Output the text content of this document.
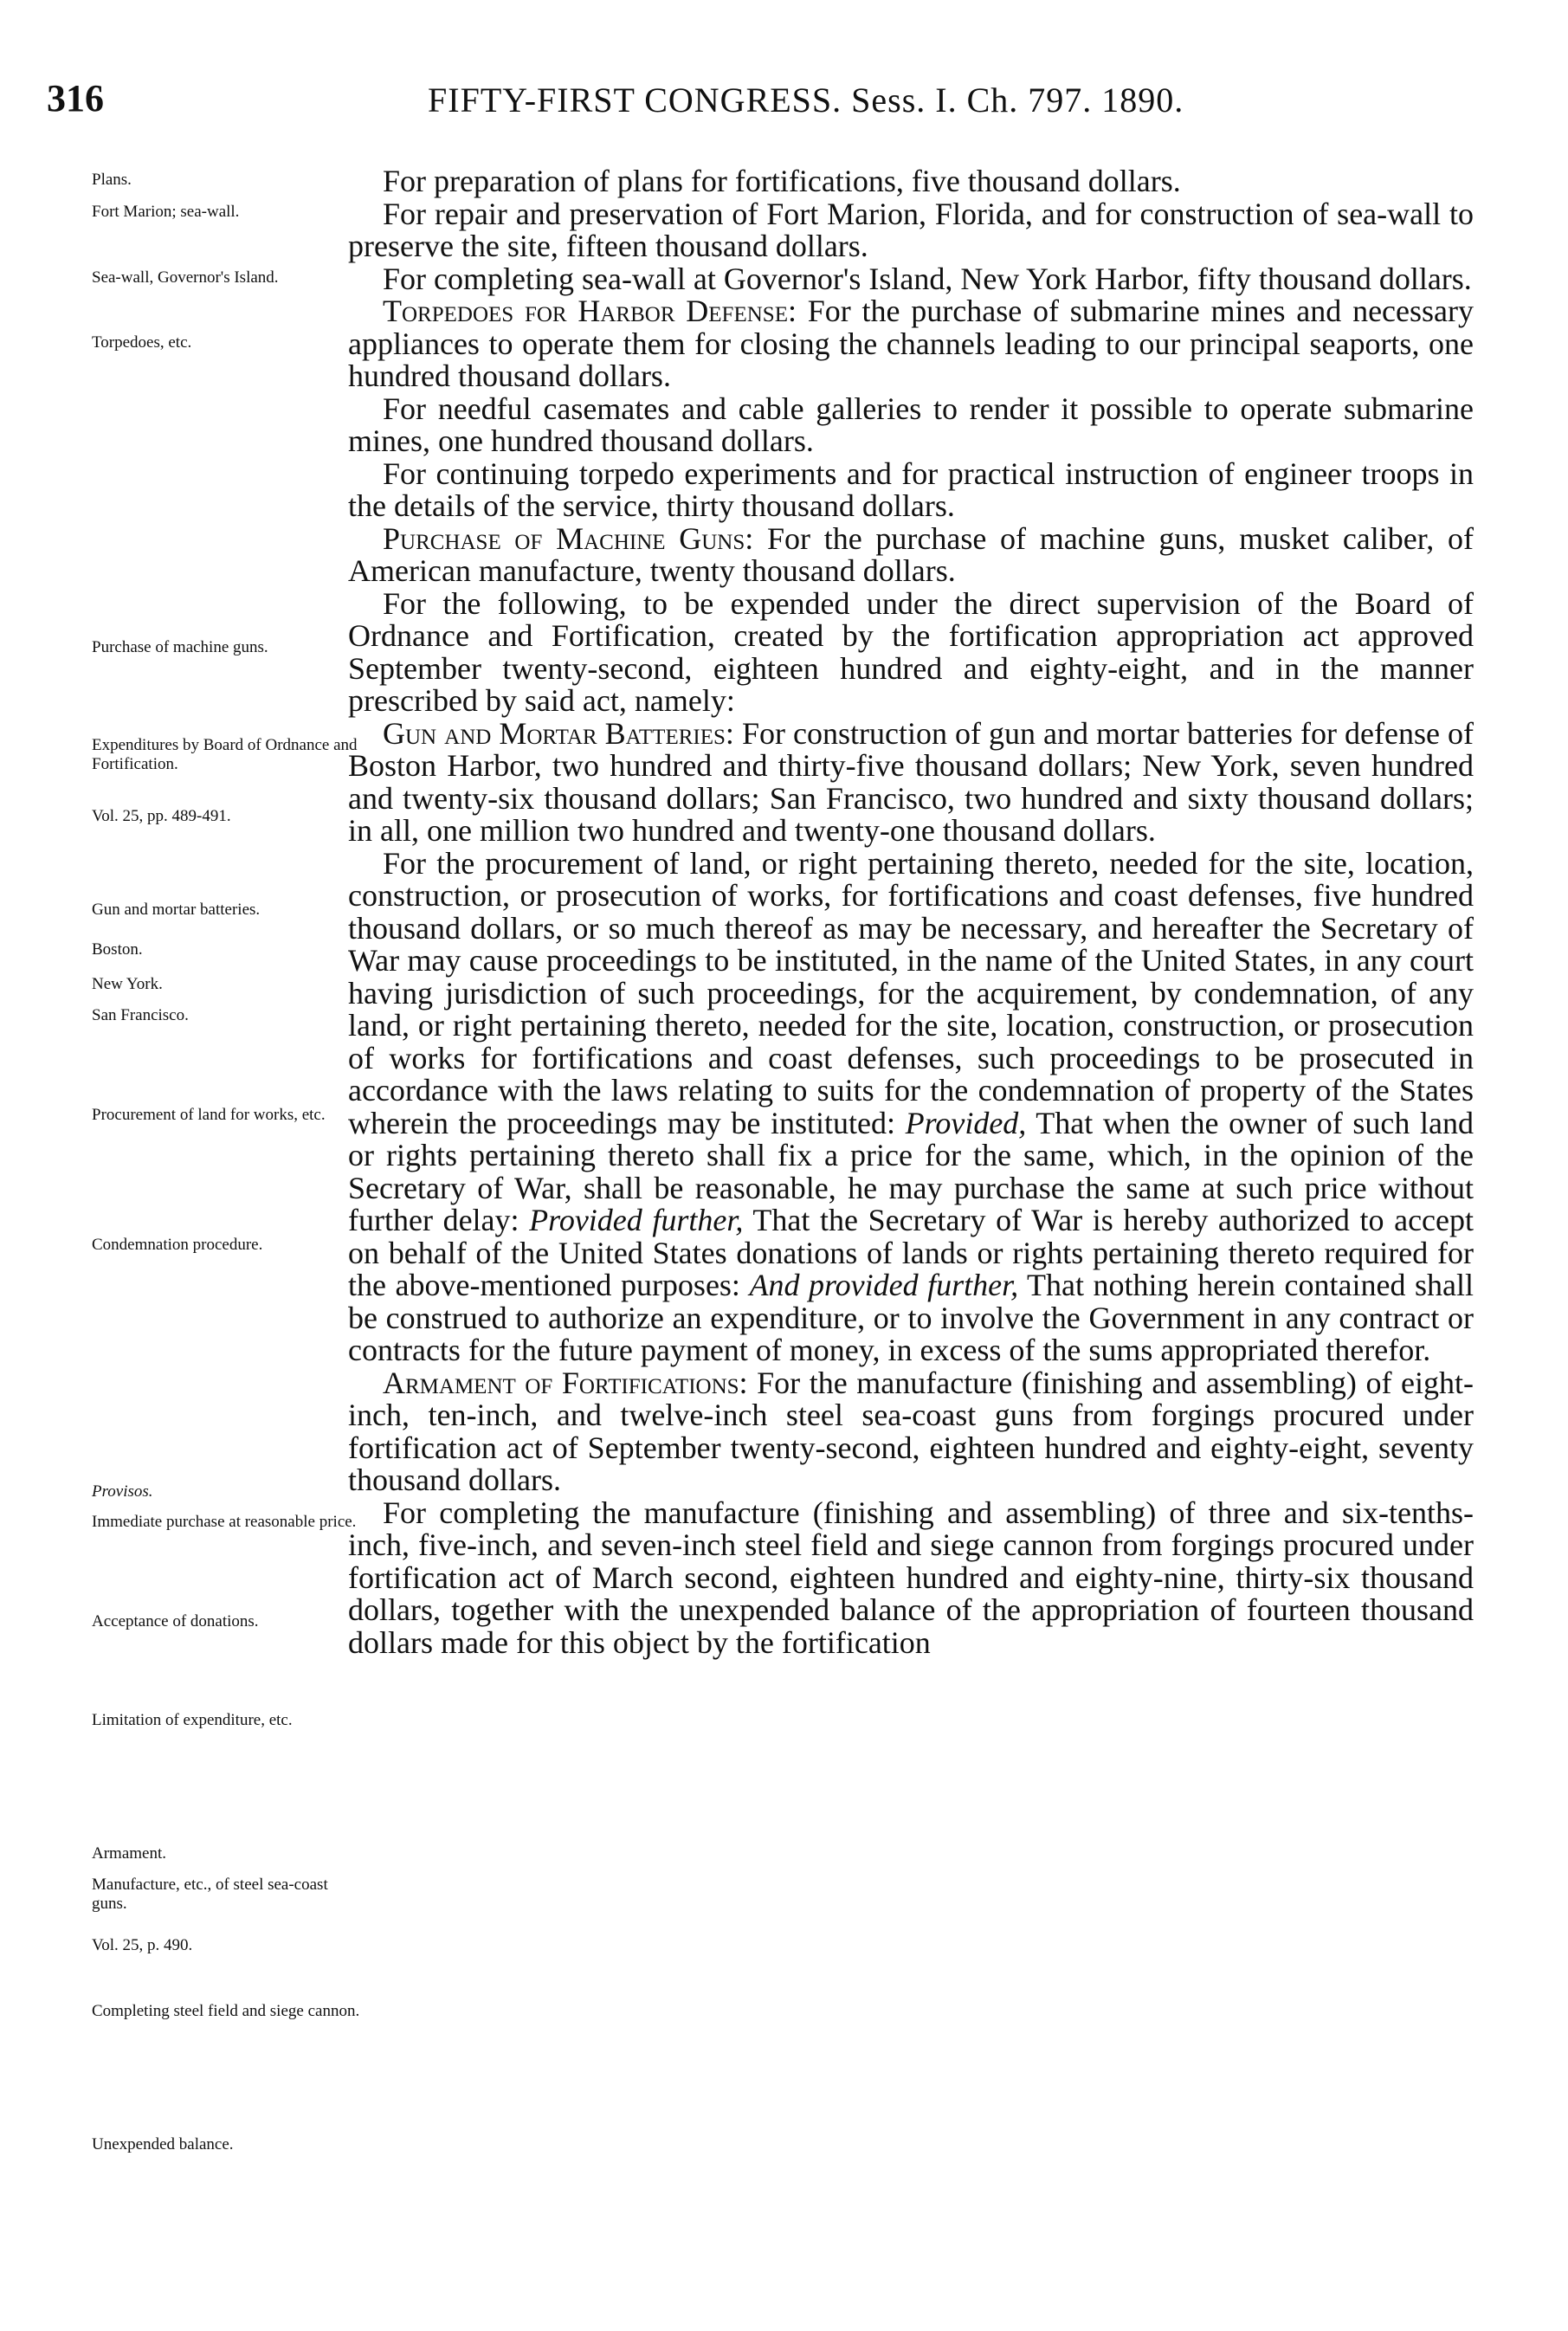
316	FIFTY-FIRST CONGRESS. Sess. I. Ch. 797. 1890.
Plans.
Fort Marion; sea-wall.
Sea-wall, Governor's Island.
Torpedoes, etc.
Purchase of machine guns.
Expenditures by Board of Ordnance and Fortification.
Vol. 25, pp. 489-491.
Gun and mortar batteries.
Boston.
New York.
San Francisco.
Procurement of land for works, etc.
Condemnation procedure.
Provisos.
Immediate purchase at reasonable price.
Acceptance of donations.
Limitation of expenditure, etc.
Armament.
Manufacture, etc., of steel sea-coast guns.
Vol. 25, p. 490.
Completing steel field and siege cannon.
Unexpended balance.

For preparation of plans for fortifications, five thousand dollars.

For repair and preservation of Fort Marion, Florida, and for construction of sea-wall to preserve the site, fifteen thousand dollars.

For completing sea-wall at Governor's Island, New York Harbor, fifty thousand dollars.

Torpedoes for Harbor Defense: For the purchase of submarine mines and necessary appliances to operate them for closing the channels leading to our principal seaports, one hundred thousand dollars.

For needful casemates and cable galleries to render it possible to operate submarine mines, one hundred thousand dollars.

For continuing torpedo experiments and for practical instruction of engineer troops in the details of the service, thirty thousand dollars.

Purchase of Machine Guns: For the purchase of machine guns, musket caliber, of American manufacture, twenty thousand dollars.

For the following, to be expended under the direct supervision of the Board of Ordnance and Fortification, created by the fortification appropriation act approved September twenty-second, eighteen hundred and eighty-eight, and in the manner prescribed by said act, namely:

Gun and Mortar Batteries: For construction of gun and mortar batteries for defense of Boston Harbor, two hundred and thirty-five thousand dollars; New York, seven hundred and twenty-six thousand dollars; San Francisco, two hundred and sixty thousand dollars; in all, one million two hundred and twenty-one thousand dollars.

For the procurement of land, or right pertaining thereto, needed for the site, location, construction, or prosecution of works, for fortifications and coast defenses, five hundred thousand dollars, or so much thereof as may be necessary, and hereafter the Secretary of War may cause proceedings to be instituted, in the name of the United States, in any court having jurisdiction of such proceedings, for the acquirement, by condemnation, of any land, or right pertaining thereto, needed for the site, location, construction, or prosecution of works for fortifications and coast defenses, such proceedings to be prosecuted in accordance with the laws relating to suits for the condemnation of property of the States wherein the proceedings may be instituted: Provided, That when the owner of such land or rights pertaining thereto shall fix a price for the same, which, in the opinion of the Secretary of War, shall be reasonable, he may purchase the same at such price without further delay: Provided further, That the Secretary of War is hereby authorized to accept on behalf of the United States donations of lands or rights pertaining thereto required for the above-mentioned purposes: And provided further, That nothing herein contained shall be construed to authorize an expenditure, or to involve the Government in any contract or contracts for the future payment of money, in excess of the sums appropriated therefor.

Armament of Fortifications: For the manufacture (finishing and assembling) of eight-inch, ten-inch, and twelve-inch steel sea-coast guns from forgings procured under fortification act of September twenty-second, eighteen hundred and eighty-eight, seventy thousand dollars.

For completing the manufacture (finishing and assembling) of three and six-tenths-inch, five-inch, and seven-inch steel field and siege cannon from forgings procured under fortification act of March second, eighteen hundred and eighty-nine, thirty-six thousand dollars, together with the unexpended balance of the appropriation of fourteen thousand dollars made for this object by the fortification
